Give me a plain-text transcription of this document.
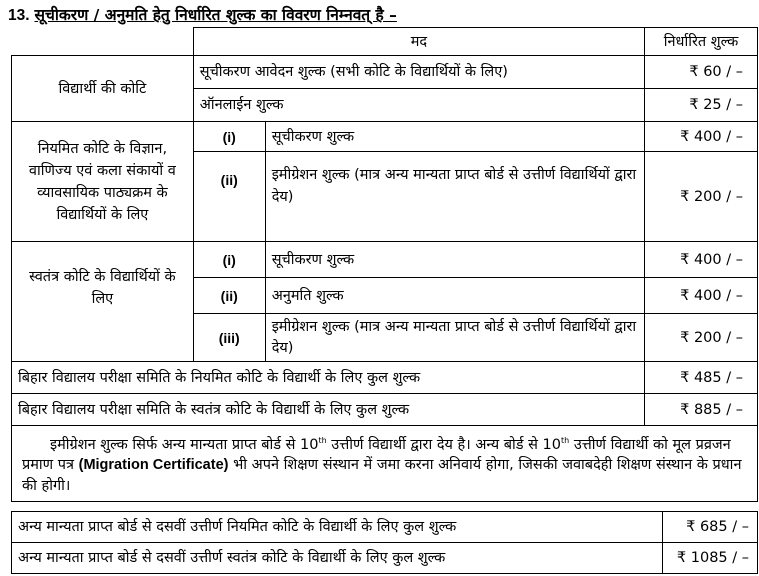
13. सूचीकरण / अनुमति हेतु निर्धारित शुल्क का विवरण निम्नवत् है –
	मद		निर्धारित शुल्क
विद्यार्थी की कोटि	सूचीकरण आवेदन शुल्क (सभी कोटि के विद्यार्थियों के लिए)		₹ 60 / –
	ऑनलाईन शुल्क		₹ 25 / –
नियमित कोटि के विज्ञान, वाणिज्य एवं कला संकायों व व्यावसायिक पाठ्यक्रम के विद्यार्थियों के लिए	(i)	सूचीकरण शुल्क	₹ 400 / –
	(ii)	इमीग्रेशन शुल्क (मात्र अन्य मान्यता प्राप्त बोर्ड से उत्तीर्ण विद्यार्थियों द्वारा देय)	₹ 200 / –
स्वतंत्र कोटि के विद्यार्थियों के लिए	(i)	सूचीकरण शुल्क	₹ 400 / –
	(ii)	अनुमति शुल्क	₹ 400 / –
	(iii)	इमीग्रेशन शुल्क (मात्र अन्य मान्यता प्राप्त बोर्ड से उत्तीर्ण विद्यार्थियों द्वारा देय)	₹ 200 / –
बिहार विद्यालय परीक्षा समिति के नियमित कोटि के विद्यार्थी के लिए कुल शुल्क			₹ 485 / –
बिहार विद्यालय परीक्षा समिति के स्वतंत्र कोटि के विद्यार्थी के लिए कुल शुल्क			₹ 885 / –
इमीग्रेशन शुल्क सिर्फ अन्य मान्यता प्राप्त बोर्ड से 10th उत्तीर्ण विद्यार्थी द्वारा देय है। अन्य बोर्ड से 10th उत्तीर्ण विद्यार्थी को मूल प्रव्रजन प्रमाण पत्र (Migration Certificate) भी अपने शिक्षण संस्थान में जमा करना अनिवार्य होगा, जिसकी जवाबदेही शिक्षण संस्थान के प्रधान की होगी।			
अन्य मान्यता प्राप्त बोर्ड से दसवीं उत्तीर्ण नियमित कोटि के विद्यार्थी के लिए कुल शुल्क	₹ 685 / –
अन्य मान्यता प्राप्त बोर्ड से दसवीं उत्तीर्ण स्वतंत्र कोटि के विद्यार्थी के लिए कुल शुल्क	₹ 1085 / –
